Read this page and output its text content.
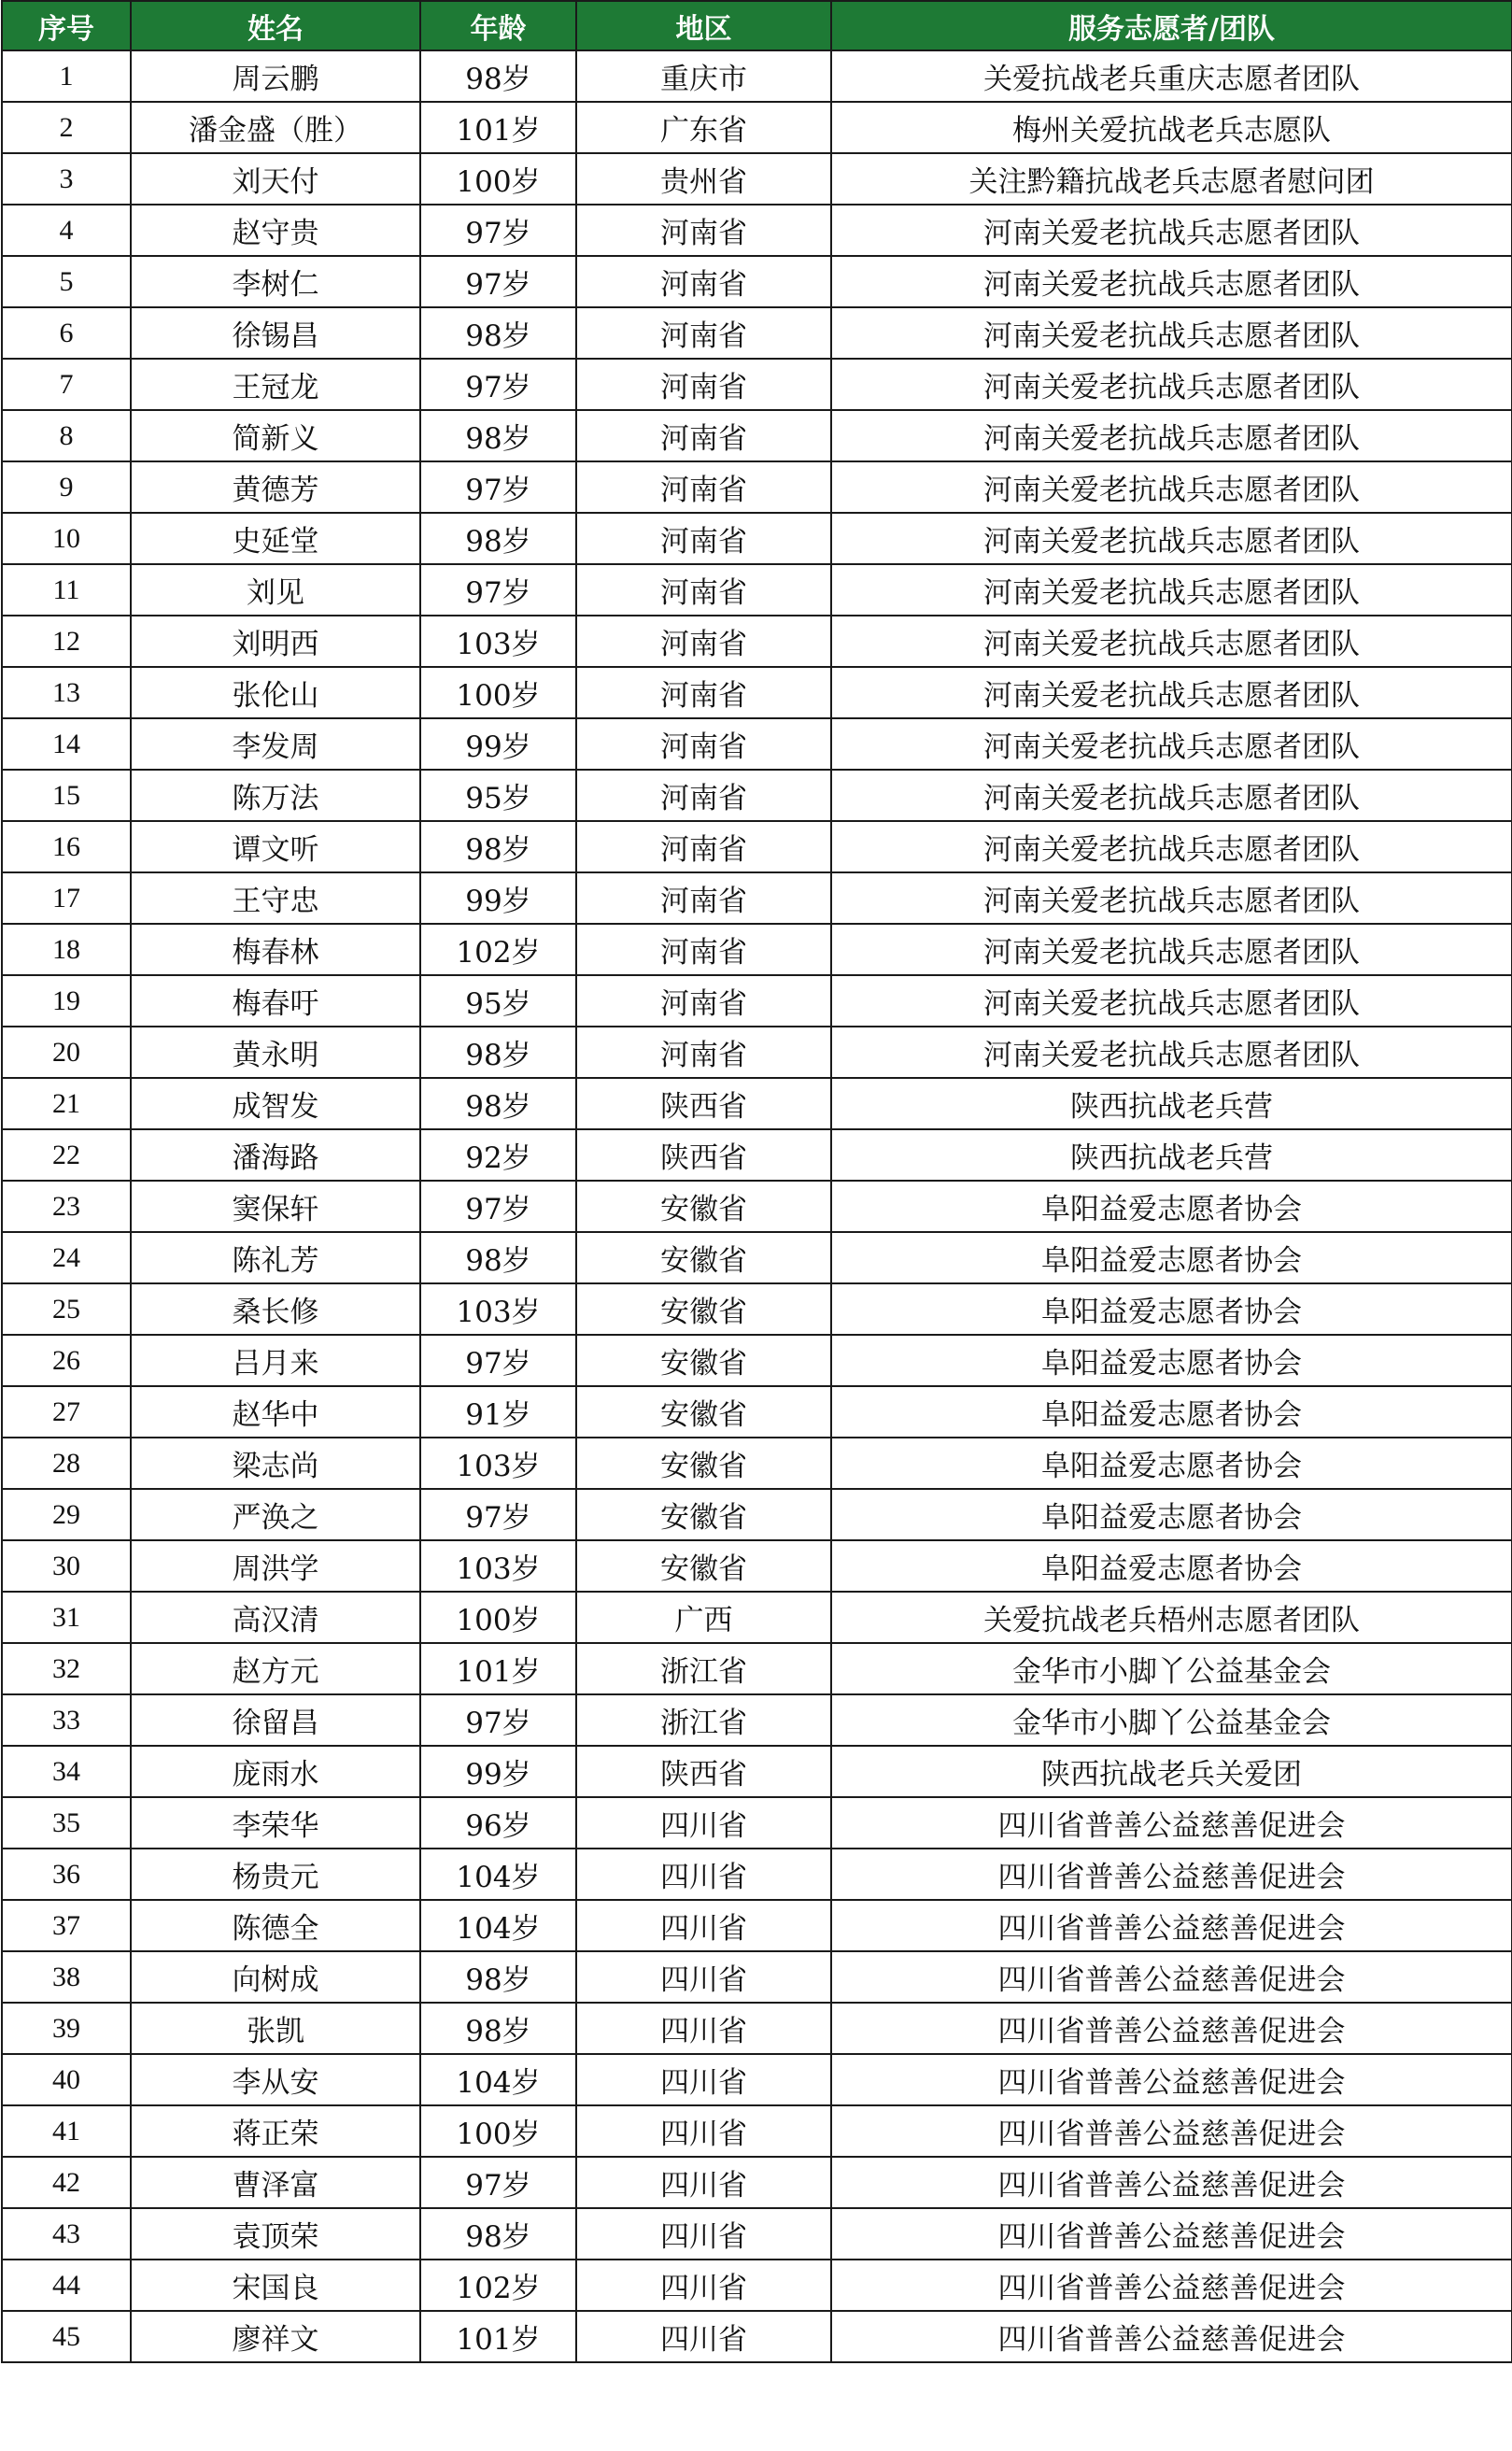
序号	姓名	年龄	地区	服务志愿者/团队
1	周云鹏	98岁	重庆市	关爱抗战老兵重庆志愿者团队
2	潘金盛（胜）	101岁	广东省	梅州关爱抗战老兵志愿队
3	刘天付	100岁	贵州省	关注黔籍抗战老兵志愿者慰问团
4	赵守贵	97岁	河南省	河南关爱老抗战兵志愿者团队
5	李树仁	97岁	河南省	河南关爱老抗战兵志愿者团队
6	徐锡昌	98岁	河南省	河南关爱老抗战兵志愿者团队
7	王冠龙	97岁	河南省	河南关爱老抗战兵志愿者团队
8	简新义	98岁	河南省	河南关爱老抗战兵志愿者团队
9	黄德芳	97岁	河南省	河南关爱老抗战兵志愿者团队
10	史延堂	98岁	河南省	河南关爱老抗战兵志愿者团队
11	刘见	97岁	河南省	河南关爱老抗战兵志愿者团队
12	刘明西	103岁	河南省	河南关爱老抗战兵志愿者团队
13	张伦山	100岁	河南省	河南关爱老抗战兵志愿者团队
14	李发周	99岁	河南省	河南关爱老抗战兵志愿者团队
15	陈万法	95岁	河南省	河南关爱老抗战兵志愿者团队
16	谭文听	98岁	河南省	河南关爱老抗战兵志愿者团队
17	王守忠	99岁	河南省	河南关爱老抗战兵志愿者团队
18	梅春林	102岁	河南省	河南关爱老抗战兵志愿者团队
19	梅春吁	95岁	河南省	河南关爱老抗战兵志愿者团队
20	黄永明	98岁	河南省	河南关爱老抗战兵志愿者团队
21	成智发	98岁	陕西省	陕西抗战老兵营
22	潘海路	92岁	陕西省	陕西抗战老兵营
23	窦保轩	97岁	安徽省	阜阳益爱志愿者协会
24	陈礼芳	98岁	安徽省	阜阳益爱志愿者协会
25	桑长修	103岁	安徽省	阜阳益爱志愿者协会
26	吕月来	97岁	安徽省	阜阳益爱志愿者协会
27	赵华中	91岁	安徽省	阜阳益爱志愿者协会
28	梁志尚	103岁	安徽省	阜阳益爱志愿者协会
29	严涣之	97岁	安徽省	阜阳益爱志愿者协会
30	周洪学	103岁	安徽省	阜阳益爱志愿者协会
31	高汉清	100岁	广西	关爱抗战老兵梧州志愿者团队
32	赵方元	101岁	浙江省	金华市小脚丫公益基金会
33	徐留昌	97岁	浙江省	金华市小脚丫公益基金会
34	庞雨水	99岁	陕西省	陕西抗战老兵关爱团
35	李荣华	96岁	四川省	四川省普善公益慈善促进会
36	杨贵元	104岁	四川省	四川省普善公益慈善促进会
37	陈德全	104岁	四川省	四川省普善公益慈善促进会
38	向树成	98岁	四川省	四川省普善公益慈善促进会
39	张凯	98岁	四川省	四川省普善公益慈善促进会
40	李从安	104岁	四川省	四川省普善公益慈善促进会
41	蒋正荣	100岁	四川省	四川省普善公益慈善促进会
42	曹泽富	97岁	四川省	四川省普善公益慈善促进会
43	袁顶荣	98岁	四川省	四川省普善公益慈善促进会
44	宋国良	102岁	四川省	四川省普善公益慈善促进会
45	廖祥文	101岁	四川省	四川省普善公益慈善促进会
